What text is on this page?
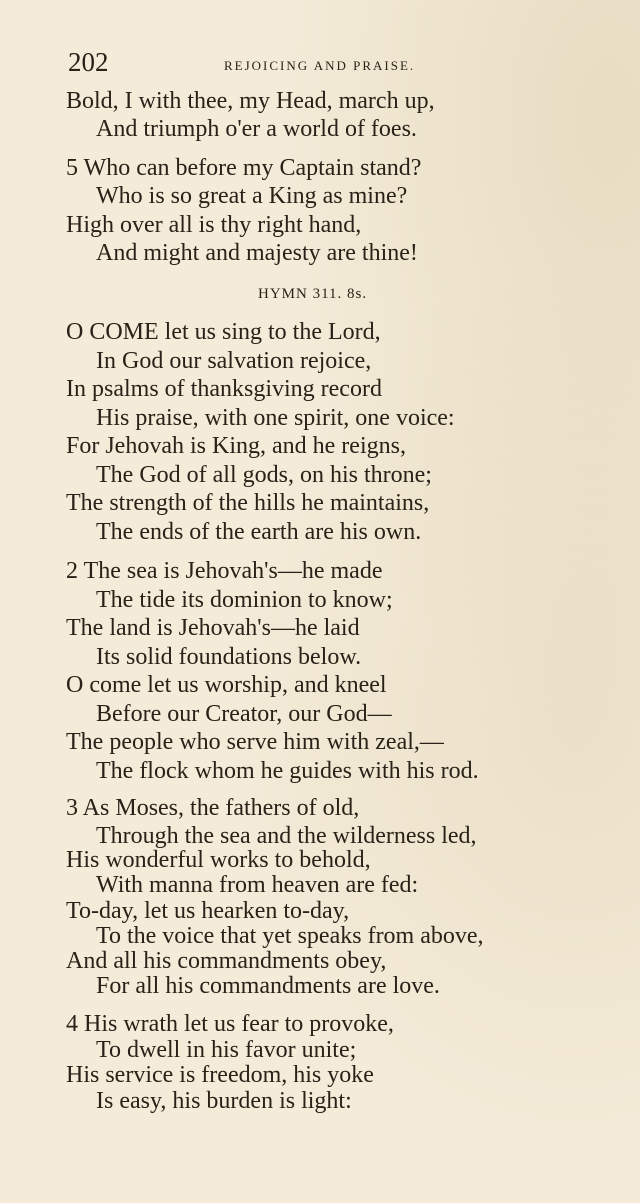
202	REJOICING AND PRAISE.
Bold, I with thee, my Head, march up,
And triumph o'er a world of foes.
5 Who can before my Captain stand?
Who is so great a King as mine?
High over all is thy right hand,
And might and majesty are thine!
HYMN 311. 8s.
O COME let us sing to the Lord,
In God our salvation rejoice,
In psalms of thanksgiving record
His praise, with one spirit, one voice:
For Jehovah is King, and he reigns,
The God of all gods, on his throne;
The strength of the hills he maintains,
The ends of the earth are his own.
2 The sea is Jehovah's—he made
The tide its dominion to know;
The land is Jehovah's—he laid
Its solid foundations below.
O come let us worship, and kneel
Before our Creator, our God—
The people who serve him with zeal,—
The flock whom he guides with his rod.
3 As Moses, the fathers of old,
Through the sea and the wilderness led,
His wonderful works to behold,
With manna from heaven are fed:
To-day, let us hearken to-day,
To the voice that yet speaks from above,
And all his commandments obey,
For all his commandments are love.
4 His wrath let us fear to provoke,
To dwell in his favor unite;
His service is freedom, his yoke
Is easy, his burden is light:
